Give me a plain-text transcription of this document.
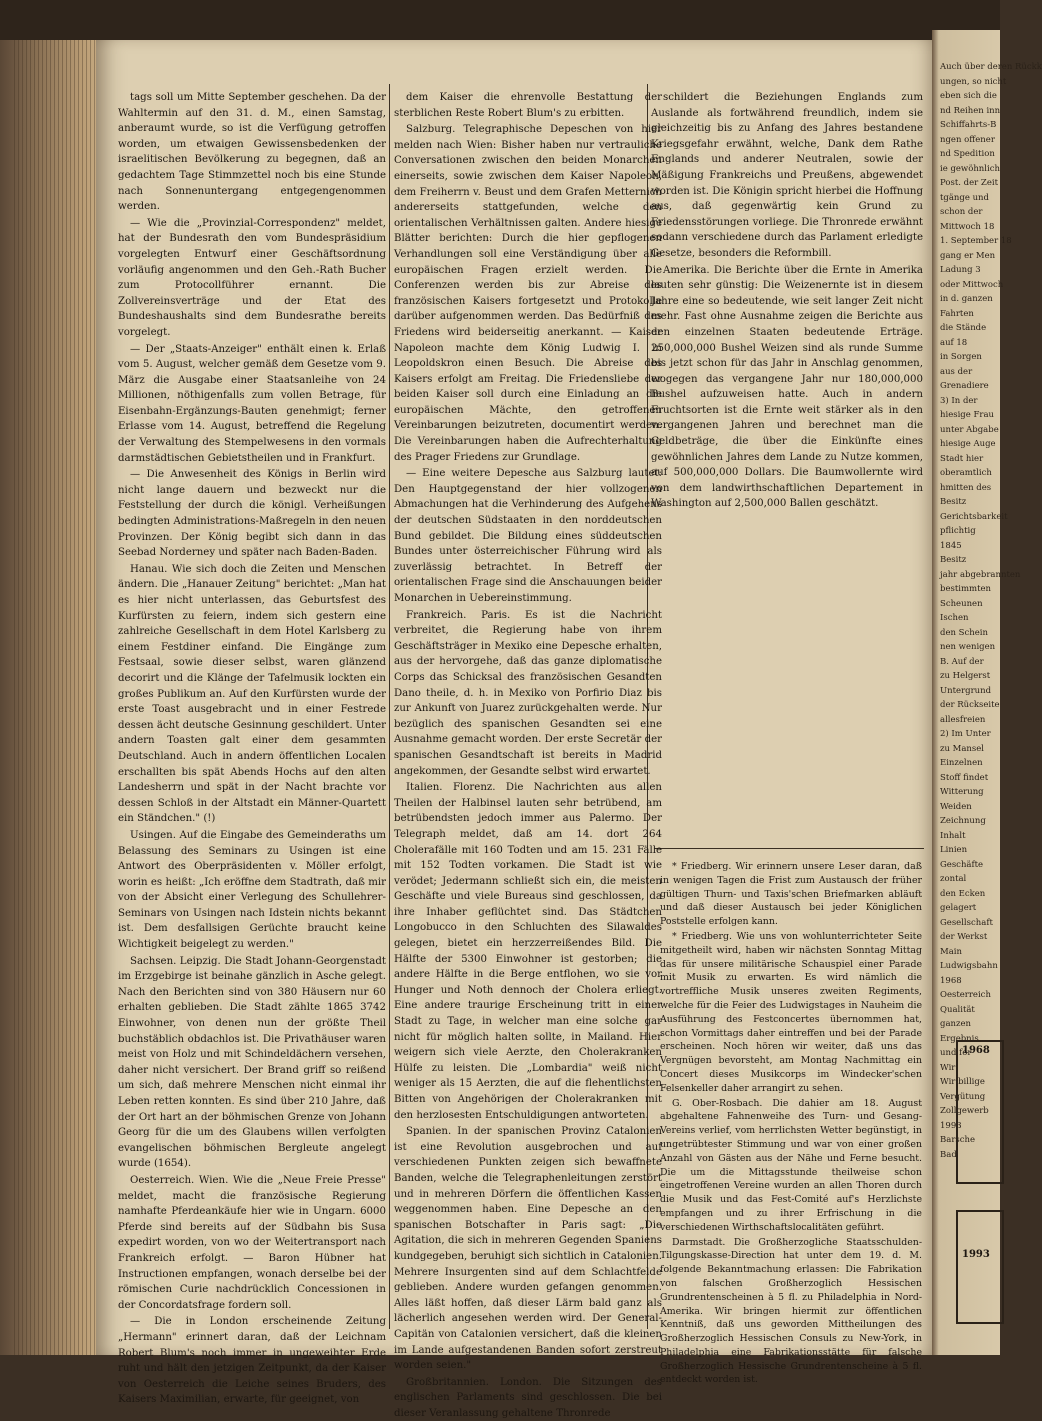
tags soll um Mitte September geschehen. Da der Wahltermin auf den 31. d. M., einen Samstag, anberaumt wurde, so ist die Verfügung getroffen worden, um etwaigen Gewissensbedenken der israelitischen Bevölkerung zu begegnen, daß an gedachtem Tage Stimmzettel noch bis eine Stunde nach Sonnenuntergang entgegengenommen werden.

— Wie die „Provinzial-Correspondenz" meldet, hat der Bundesrath den vom Bundespräsidium vorgelegten Entwurf einer Geschäftsordnung vorläufig angenommen und den Geh.-Rath Bucher zum Protocollführer ernannt. Die Zollvereinsverträge und der Etat des Bundeshaushalts sind dem Bundesrathe bereits vorgelegt.

— Der „Staats-Anzeiger" enthält einen k. Erlaß vom 5. August, welcher gemäß dem Gesetze vom 9. März die Ausgabe einer Staatsanleihe von 24 Millionen, nöthigenfalls zum vollen Betrage, für Eisenbahn-Ergänzungs-Bauten genehmigt; ferner Erlasse vom 14. August, betreffend die Regelung der Verwaltung des Stempelwesens in den vormals darmstädtischen Gebietstheilen und in Frankfurt.

— Die Anwesenheit des Königs in Berlin wird nicht lange dauern und bezweckt nur die Feststellung der durch die königl. Verheißungen bedingten Administrations-Maßregeln in den neuen Provinzen. Der König begibt sich dann in das Seebad Norderney und später nach Baden-Baden.

Hanau. Wie sich doch die Zeiten und Menschen ändern. Die „Hanauer Zeitung" berichtet: „Man hat es hier nicht unterlassen, das Geburtsfest des Kurfürsten zu feiern, indem sich gestern eine zahlreiche Gesellschaft in dem Hotel Karlsberg zu einem Festdiner einfand. Die Eingänge zum Festsaal, sowie dieser selbst, waren glänzend decorirt und die Klänge der Tafelmusik lockten ein großes Publikum an. Auf den Kurfürsten wurde der erste Toast ausgebracht und in einer Festrede dessen ächt deutsche Gesinnung geschildert. Unter andern Toasten galt einer dem gesammten Deutschland. Auch in andern öffentlichen Localen erschallten bis spät Abends Hochs auf den alten Landesherrn und spät in der Nacht brachte vor dessen Schloß in der Altstadt ein Männer-Quartett ein Ständchen." (!)

Usingen. Auf die Eingabe des Gemeinderaths um Belassung des Seminars zu Usingen ist eine Antwort des Oberpräsidenten v. Möller erfolgt, worin es heißt: „Ich eröffne dem Stadtrath, daß mir von der Absicht einer Verlegung des Schullehrer-Seminars von Usingen nach Idstein nichts bekannt ist. Dem desfallsigen Gerüchte braucht keine Wichtigkeit beigelegt zu werden."

Sachsen. Leipzig. Die Stadt Johann-Georgenstadt im Erzgebirge ist beinahe gänzlich in Asche gelegt. Nach den Berichten sind von 380 Häusern nur 60 erhalten geblieben. Die Stadt zählte 1865 3742 Einwohner, von denen nun der größte Theil buchstäblich obdachlos ist. Die Privathäuser waren meist von Holz und mit Schindeldächern versehen, daher nicht versichert. Der Brand griff so reißend um sich, daß mehrere Menschen nicht einmal ihr Leben retten konnten. Es sind über 210 Jahre, daß der Ort hart an der böhmischen Grenze von Johann Georg für die um des Glaubens willen verfolgten evangelischen böhmischen Bergleute angelegt wurde (1654).

Oesterreich. Wien. Wie die „Neue Freie Presse" meldet, macht die französische Regierung namhafte Pferdeankäufe hier wie in Ungarn. 6000 Pferde sind bereits auf der Südbahn bis Susa expedirt worden, von wo der Weitertransport nach Frankreich erfolgt. — Baron Hübner hat Instructionen empfangen, wonach derselbe bei der römischen Curie nachdrücklich Concessionen in der Concordatsfrage fordern soll.

— Die in London erscheinende Zeitung „Hermann" erinnert daran, daß der Leichnam Robert Blum's noch immer in ungeweihter Erde ruht und hält den jetzigen Zeitpunkt, da der Kaiser von Oesterreich die Leiche seines Bruders, des Kaisers Maximilian, erwarte, für geeignet, von

dem Kaiser die ehrenvolle Bestattung der sterblichen Reste Robert Blum's zu erbitten.

Salzburg. Telegraphische Depeschen von hier melden nach Wien: Bisher haben nur vertrauliche Conversationen zwischen den beiden Monarchen einerseits, sowie zwischen dem Kaiser Napoleon, dem Freiherrn v. Beust und dem Grafen Metternich andererseits stattgefunden, welche den orientalischen Verhältnissen galten. Andere hiesige Blätter berichten: Durch die hier gepflogenen Verhandlungen soll eine Verständigung über alle europäischen Fragen erzielt werden. Die Conferenzen werden bis zur Abreise des französischen Kaisers fortgesetzt und Protokolle darüber aufgenommen werden. Das Bedürfniß des Friedens wird beiderseitig anerkannt. — Kaiser Napoleon machte dem König Ludwig I. in Leopoldskron einen Besuch. Die Abreise des Kaisers erfolgt am Freitag. Die Friedensliebe der beiden Kaiser soll durch eine Einladung an die europäischen Mächte, den getroffenen Vereinbarungen beizutreten, documentirt werden. Die Vereinbarungen haben die Aufrechterhaltung des Prager Friedens zur Grundlage.

— Eine weitere Depesche aus Salzburg lautet: Den Hauptgegenstand der hier vollzogenen Abmachungen hat die Verhinderung des Aufgehens der deutschen Südstaaten in den norddeutschen Bund gebildet. Die Bildung eines süddeutschen Bundes unter österreichischer Führung wird als zuverlässig betrachtet. In Betreff der orientalischen Frage sind die Anschauungen beider Monarchen in Uebereinstimmung.

Frankreich. Paris. Es ist die Nachricht verbreitet, die Regierung habe von ihrem Geschäftsträger in Mexiko eine Depesche erhalten, aus der hervorgehe, daß das ganze diplomatische Corps das Schicksal des französischen Gesandten Dano theile, d. h. in Mexiko von Porfirio Diaz bis zur Ankunft von Juarez zurückgehalten werde. Nur bezüglich des spanischen Gesandten sei eine Ausnahme gemacht worden. Der erste Secretär der spanischen Gesandtschaft ist bereits in Madrid angekommen, der Gesandte selbst wird erwartet.

Italien. Florenz. Die Nachrichten aus allen Theilen der Halbinsel lauten sehr betrübend, am betrübendsten jedoch immer aus Palermo. Der Telegraph meldet, daß am 14. dort 264 Cholerafälle mit 160 Todten und am 15. 231 Fälle mit 152 Todten vorkamen. Die Stadt ist wie verödet; Jedermann schließt sich ein, die meisten Geschäfte und viele Bureaus sind geschlossen, da ihre Inhaber geflüchtet sind. Das Städtchen Longobucco in den Schluchten des Silawaldes gelegen, bietet ein herzzerreißendes Bild. Die Hälfte der 5300 Einwohner ist gestorben; die andere Hälfte in die Berge entflohen, wo sie vor Hunger und Noth dennoch der Cholera erliegt. Eine andere traurige Erscheinung tritt in einer Stadt zu Tage, in welcher man eine solche gar nicht für möglich halten sollte, in Mailand. Hier weigern sich viele Aerzte, den Cholerakranken Hülfe zu leisten. Die „Lombardia" weiß nicht weniger als 15 Aerzten, die auf die flehentlichsten Bitten von Angehörigen der Cholerakranken mit den herzlosesten Entschuldigungen antworteten.

Spanien. In der spanischen Provinz Catalonien ist eine Revolution ausgebrochen und auf verschiedenen Punkten zeigen sich bewaffnete Banden, welche die Telegraphenleitungen zerstört und in mehreren Dörfern die öffentlichen Kassen weggenommen haben. Eine Depesche an den spanischen Botschafter in Paris sagt: „Die Agitation, die sich in mehreren Gegenden Spaniens kundgegeben, beruhigt sich sichtlich in Catalonien. Mehrere Insurgenten sind auf dem Schlachtfelde geblieben. Andere wurden gefangen genommen. Alles läßt hoffen, daß dieser Lärm bald ganz als lächerlich angesehen werden wird. Der General-Capitän von Catalonien versichert, daß die kleinen im Lande aufgestandenen Banden sofort zerstreut worden seien."

Großbritannien. London. Die Sitzungen des englischen Parlaments sind geschlossen. Die bei dieser Veranlassung gehaltene Thronrede

schildert die Beziehungen Englands zum Auslande als fortwährend freundlich, indem sie gleichzeitig bis zu Anfang des Jahres bestandene Kriegsgefahr erwähnt, welche, Dank dem Rathe Englands und anderer Neutralen, sowie der Mäßigung Frankreichs und Preußens, abgewendet worden ist. Die Königin spricht hierbei die Hoffnung aus, daß gegenwärtig kein Grund zu Friedensstörungen vorliege. Die Thronrede erwähnt sodann verschiedene durch das Parlament erledigte Gesetze, besonders die Reformbill.

Amerika. Die Berichte über die Ernte in Amerika lauten sehr günstig: Die Weizenernte ist in diesem Jahre eine so bedeutende, wie seit langer Zeit nicht mehr. Fast ohne Ausnahme zeigen die Berichte aus den einzelnen Staaten bedeutende Erträge. 250,000,000 Bushel Weizen sind als runde Summe bis jetzt schon für das Jahr in Anschlag genommen, wogegen das vergangene Jahr nur 180,000,000 Bushel aufzuweisen hatte. Auch in andern Fruchtsorten ist die Ernte weit stärker als in den vergangenen Jahren und berechnet man die Geldbeträge, die über die Einkünfte eines gewöhnlichen Jahres dem Lande zu Nutze kommen, auf 500,000,000 Dollars. Die Baumwollernte wird von dem landwirthschaftlichen Departement in Washington auf 2,500,000 Ballen geschätzt.

* Friedberg. Wir erinnern unsere Leser daran, daß in wenigen Tagen die Frist zum Austausch der früher gültigen Thurn- und Taxis'schen Briefmarken abläuft und daß dieser Austausch bei jeder Königlichen Poststelle erfolgen kann.

* Friedberg. Wie uns von wohlunterrichteter Seite mitgetheilt wird, haben wir nächsten Sonntag Mittag das für unsere militärische Schauspiel einer Parade mit Musik zu erwarten. Es wird nämlich die vortreffliche Musik unseres zweiten Regiments, welche für die Feier des Ludwigstages in Nauheim die Ausführung des Festconcertes übernommen hat, schon Vormittags daher eintreffen und bei der Parade erscheinen. Noch hören wir weiter, daß uns das Vergnügen bevorsteht, am Montag Nachmittag ein Concert dieses Musikcorps im Windecker'schen Felsenkeller daher arrangirt zu sehen.

G. Ober-Rosbach. Die dahier am 18. August abgehaltene Fahnenweihe des Turn- und Gesang-Vereins verlief, vom herrlichsten Wetter begünstigt, in ungetrübtester Stimmung und war von einer großen Anzahl von Gästen aus der Nähe und Ferne besucht. Die um die Mittagsstunde theilweise schon eingetroffenen Vereine wurden an allen Thoren durch die Musik und das Fest-Comité auf's Herzlichste empfangen und zu ihrer Erfrischung in die verschiedenen Wirthschaftslocalitäten geführt.

Darmstadt. Die Großherzogliche Staatsschulden-Tilgungskasse-Direction hat unter dem 19. d. M. folgende Bekanntmachung erlassen: Die Fabrikation von falschen Großherzoglich Hessischen Grundrentenscheinen à 5 fl. zu Philadelphia in Nord-Amerika. Wir bringen hiermit zur öffentlichen Kenntniß, daß uns geworden Mittheilungen des Großherzoglich Hessischen Consuls zu New-York, in Philadelphia eine Fabrikationsstätte für falsche Großherzoglich Hessische Grundrentenscheine à 5 fl. entdeckt worden ist.

Auch über deren Rückk
ungen, so nicht
eben sich die
nd Reihen inn
Schiffahrts-B
ngen offener
nd Spedition
ie gewöhnlich
Post. der Zeit
tgänge und
schon der
Mittwoch 18
1. September 18
gang er Men
Ladung 3
oder Mittwoch
in d. ganzen
Fahrten
die Stände
auf 18
in Sorgen
aus der
Grenadiere
3) In der
hiesige Frau
unter Abgabe
hiesige Auge
Stadt hier
oberamtlich
hmitten des
Besitz
Gerichtsbarkeit
pflichtig
1845
Besitz
jahr abgebrannten
bestimmten
Scheunen
Ischen
den Schein
nen wenigen
B. Auf der
zu Helgerst
Untergrund
der Rückseite
allesfreien
2) Im Unter
zu Mansel
Einzelnen
Stoff findet
Witterung
Weiden
Zeichnung
Inhalt
Linien
Geschäfte
zontal
den Ecken
gelagert
Gesellschaft
der Werkst
Main
Ludwigsbahn
1968
Oesterreich
Qualität
ganzen
Ergebnis
und for
Wir
Wir billige
Vergütung
Zollgewerb
1993
Barsche
Bad
1968
1993
